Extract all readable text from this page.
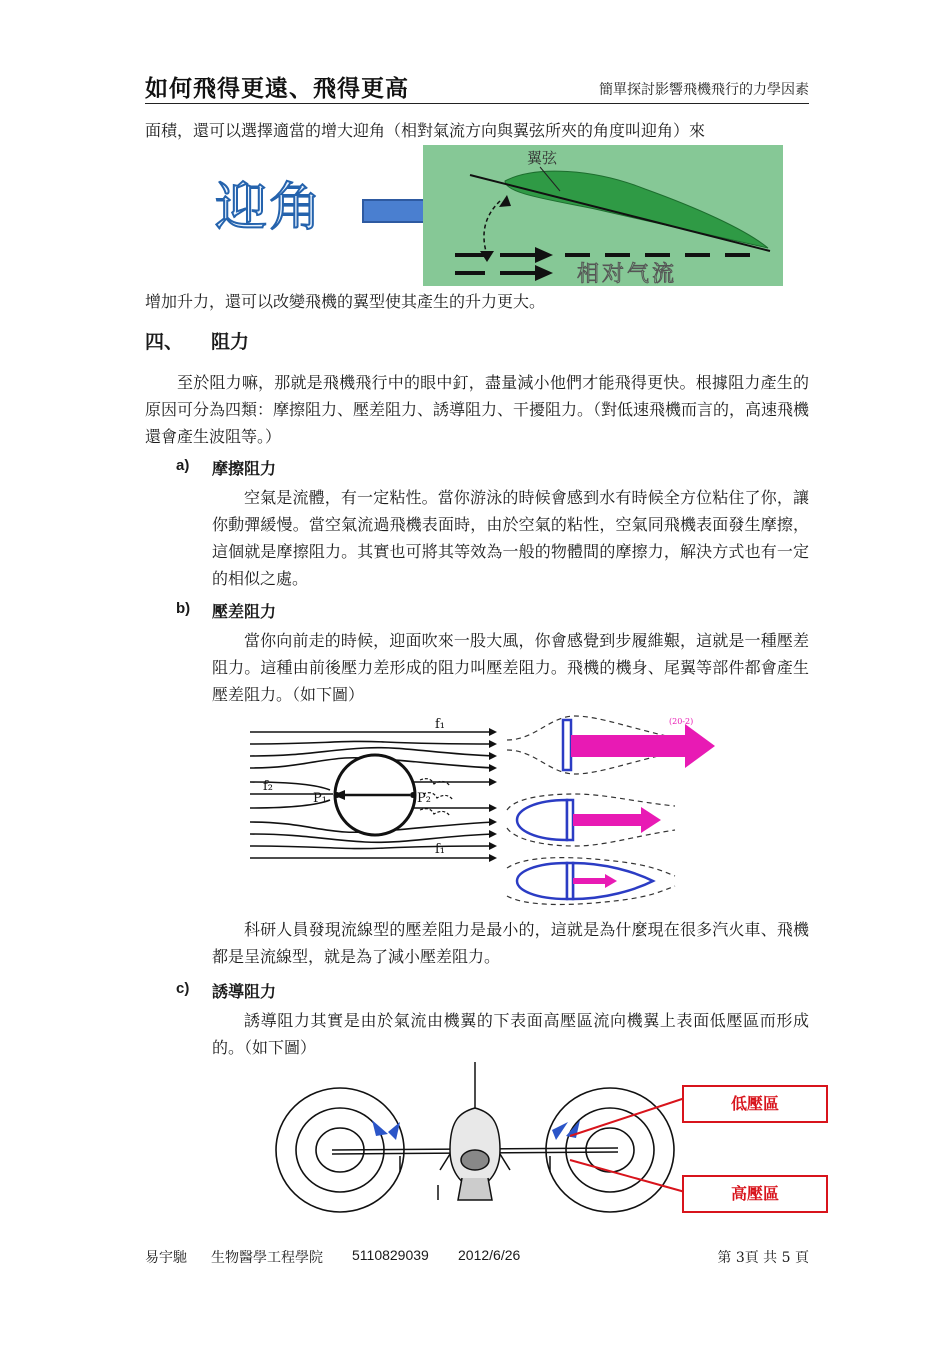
如何飛得更遠、飛得更高	簡單探討影響飛機飛行的力學因素
面積，還可以選擇適當的增大迎角（相對氣流方向與翼弦所夾的角度叫迎角）來
迎角
翼弦
相对气流
增加升力，還可以改變飛機的翼型使其產生的升力更大。
四、 阻力
至於阻力嘛，那就是飛機飛行中的眼中釘，盡量減小他們才能飛得更快。根據阻力產生的原因可分為四類：摩擦阻力、壓差阻力、誘導阻力、干擾阻力。（對低速飛機而言的，高速飛機還會產生波阻等。）
a) 摩擦阻力
空氣是流體，有一定粘性。當你游泳的時候會感到水有時候全方位粘住了你，讓你動彈緩慢。當空氣流過飛機表面時，由於空氣的粘性，空氣同飛機表面發生摩擦，這個就是摩擦阻力。其實也可將其等效為一般的物體間的摩擦力，解決方式也有一定的相似之處。
b) 壓差阻力
當你向前走的時候，迎面吹來一股大風，你會感覺到步履維艱，這就是一種壓差阻力。這種由前後壓力差形成的阻力叫壓差阻力。飛機的機身、尾翼等部件都會產生壓差阻力。（如下圖）
f₁
f₂
P₁	P₂
f₁
(20-2)
科研人員發現流線型的壓差阻力是最小的，這就是為什麼現在很多汽火車、飛機都是呈流線型，就是為了減小壓差阻力。
c) 誘導阻力
誘導阻力其實是由於氣流由機翼的下表面高壓區流向機翼上表面低壓區而形成的。（如下圖）
低壓區
高壓區
易宇馳 生物醫學工程學院 5110829039 2012/6/26	第 3頁 共 5 頁
